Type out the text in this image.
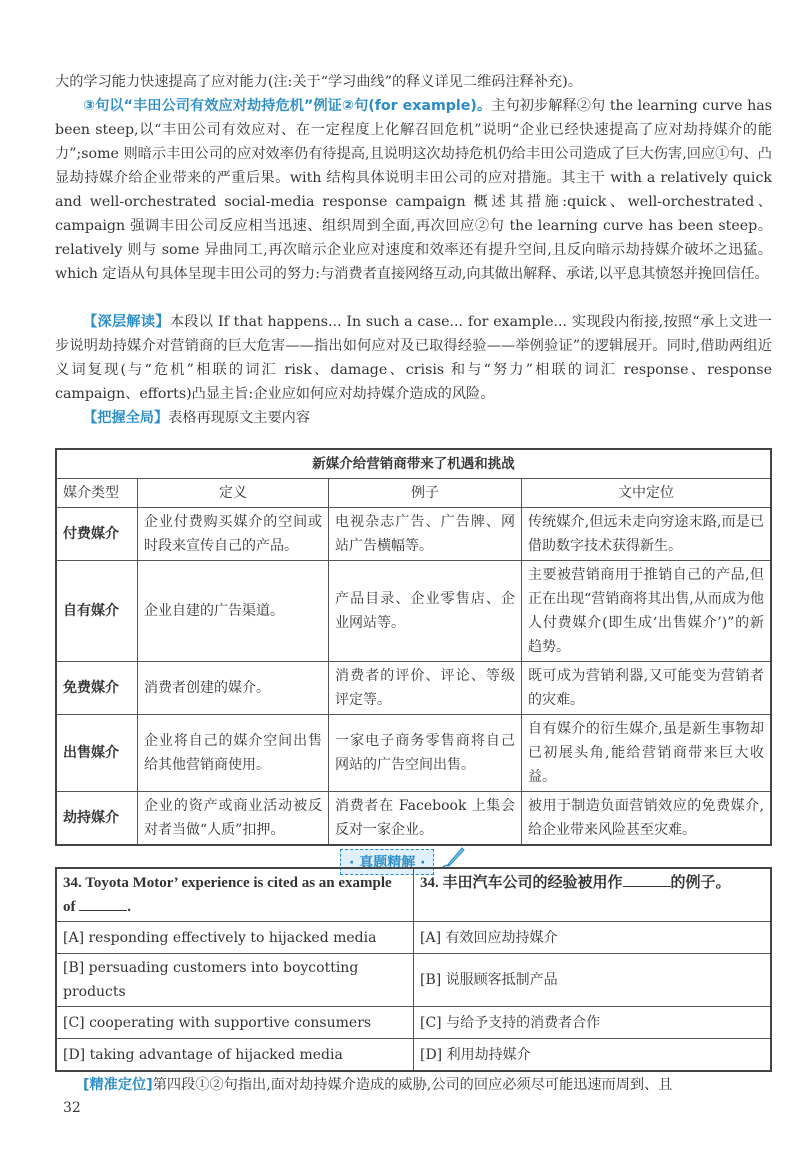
大的学习能力快速提高了应对能力(注:关于“学习曲线”的释义详见二维码注释补充)。
③句以“丰田公司有效应对劫持危机”例证②句(for example)。主句初步解释②句 the learning curve has been steep,以“丰田公司有效应对、在一定程度上化解召回危机”说明“企业已经快速提高了应对劫持媒介的能力”;some 则暗示丰田公司的应对效率仍有待提高,且说明这次劫持危机仍给丰田公司造成了巨大伤害,回应①句、凸显劫持媒介给企业带来的严重后果。with 结构具体说明丰田公司的应对措施。其主干 with a relatively quick and well-orchestrated social-media response campaign 概述其措施:quick、well-orchestrated、campaign 强调丰田公司反应相当迅速、组织周到全面,再次回应②句 the learning curve has been steep。relatively 则与 some 异曲同工,再次暗示企业应对速度和效率还有提升空间,且反向暗示劫持媒介破坏之迅猛。which 定语从句具体呈现丰田公司的努力:与消费者直接网络互动,向其做出解释、承诺,以平息其愤怒并挽回信任。
【深层解读】本段以 If that happens... In such a case... for example... 实现段内衔接,按照“承上文进一步说明劫持媒介对营销商的巨大危害——指出如何应对及已取得经验——举例验证”的逻辑展开。同时,借助两组近义词复现(与“危机”相联的词汇 risk、damage、crisis 和与“努力”相联的词汇 response、response campaign、efforts)凸显主旨:企业应如何应对劫持媒介造成的风险。
【把握全局】表格再现原文主要内容
新媒介给营销商带来了机遇和挑战			
媒介类型	定义	例子	文中定位
付费媒介	企业付费购买媒介的空间或时段来宣传自己的产品。	电视杂志广告、广告牌、网站广告横幅等。	传统媒介,但远未走向穷途末路,而是已借助数字技术获得新生。
自有媒介	企业自建的广告渠道。	产品目录、企业零售店、企业网站等。	主要被营销商用于推销自己的产品,但正在出现“营销商将其出售,从而成为他人付费媒介(即生成‘出售媒介’)”的新趋势。
免费媒介	消费者创建的媒介。	消费者的评价、评论、等级评定等。	既可成为营销利器,又可能变为营销者的灾难。
出售媒介	企业将自己的媒介空间出售给其他营销商使用。	一家电子商务零售商将自己网站的广告空间出售。	自有媒介的衍生媒介,虽是新生事物却已初展头角,能给营销商带来巨大收益。
劫持媒介	企业的资产或商业活动被反对者当做“人质”扣押。	消费者在 Facebook 上集会反对一家企业。	被用于制造负面营销效应的免费媒介,给企业带来风险甚至灾难。
· 真题精解 ·
34. Toyota Motor’ experience is cited as an example of .	34. 丰田汽车公司的经验被用作 的例子。
[A] responding effectively to hijacked media	[A] 有效回应劫持媒介
[B] persuading customers into boycotting products	[B] 说服顾客抵制产品
[C] cooperating with supportive consumers	[C] 与给予支持的消费者合作
[D] taking advantage of hijacked media	[D] 利用劫持媒介
[精准定位]第四段①②句指出,面对劫持媒介造成的威胁,公司的回应必须尽可能迅速而周到、且
32
